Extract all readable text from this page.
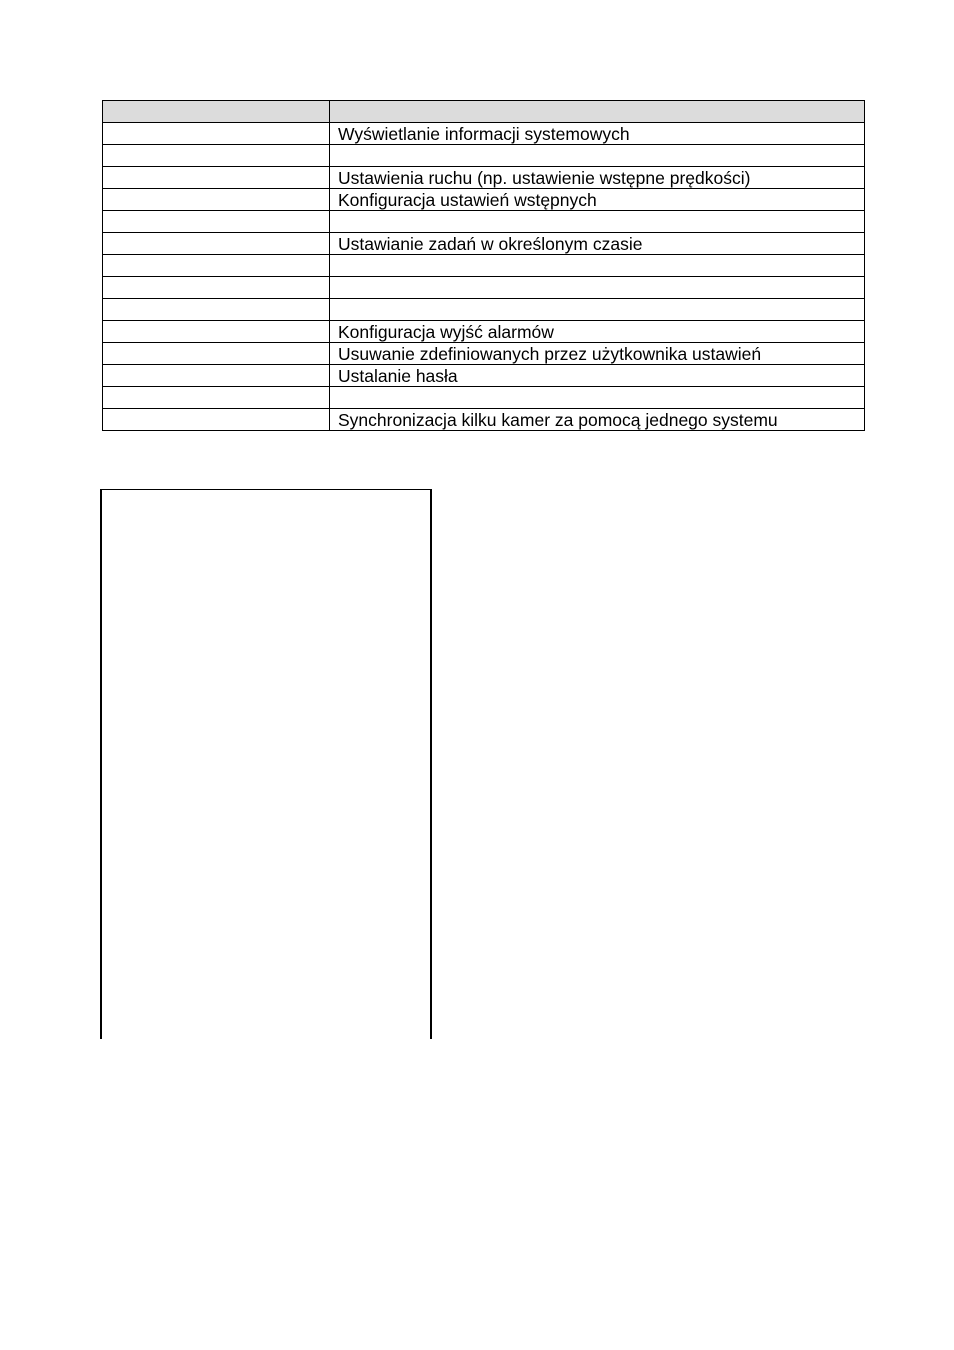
	Wyświetlanie informacji systemowych

	Ustawienia ruchu (np. ustawienie wstępne prędkości)
	Konfiguracja ustawień wstępnych

	Ustawianie zadań w określonym czasie

	Konfiguracja wyjść alarmów
	Usuwanie zdefiniowanych przez użytkownika ustawień
	Ustalanie hasła

	Synchronizacja kilku kamer za pomocą jednego systemu
